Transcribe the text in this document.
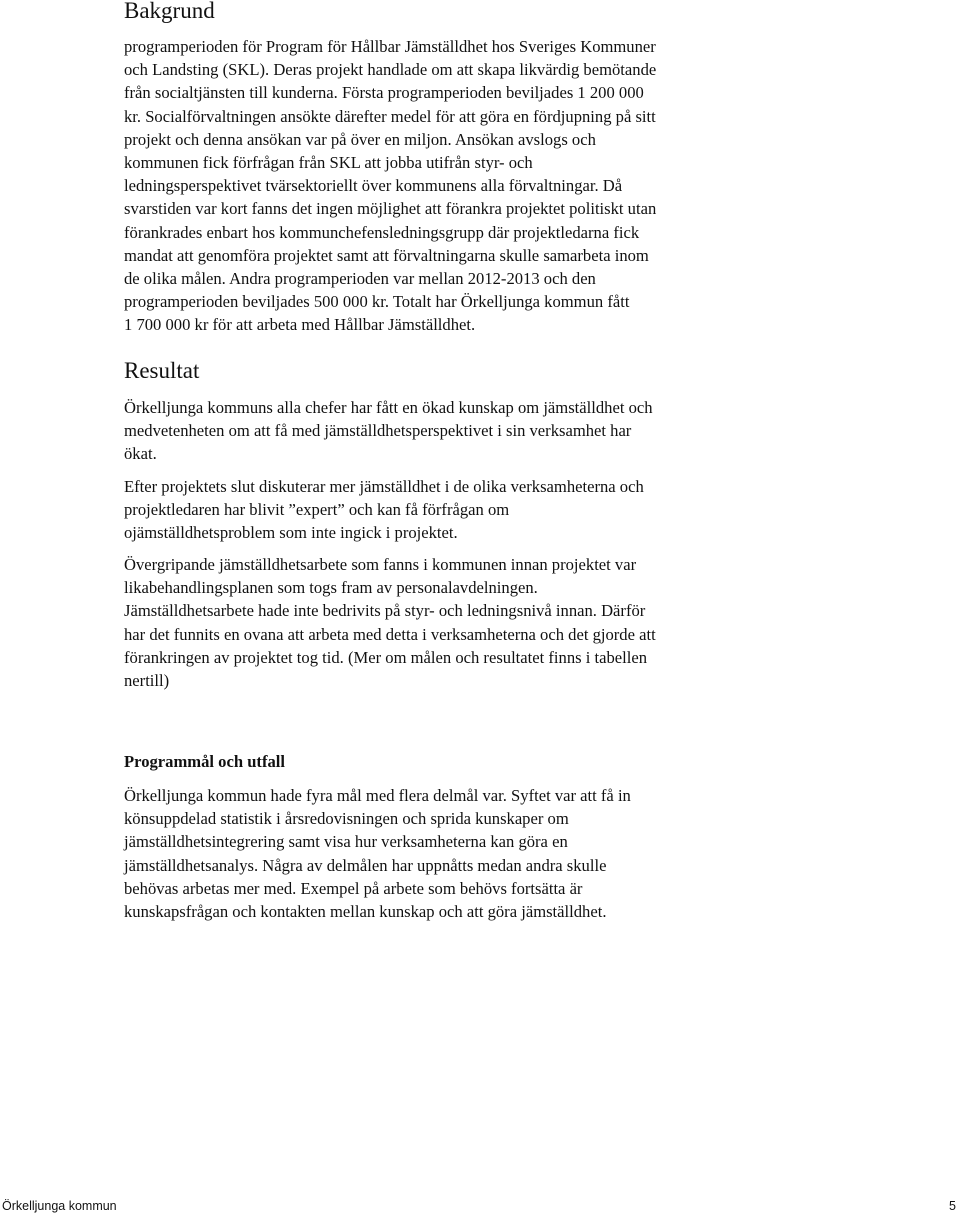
Bakgrund
programperioden för Program för Hållbar Jämställdhet hos Sveriges Kommuner
och Landsting (SKL). Deras projekt handlade om att skapa likvärdig bemötande
från socialtjänsten till kunderna. Första programperioden beviljades 1 200 000
kr. Socialförvaltningen ansökte därefter medel för att göra en fördjupning på sitt
projekt och denna ansökan var på över en miljon. Ansökan avslogs och
kommunen fick förfrågan från SKL att jobba utifrån styr- och
ledningsperspektivet tvärsektoriellt över kommunens alla förvaltningar. Då
svarstiden var kort fanns det ingen möjlighet att förankra projektet politiskt utan
förankrades enbart hos kommunchefensledningsgrupp där projektledarna fick
mandat att genomföra projektet samt att förvaltningarna skulle samarbeta inom
de olika målen. Andra programperioden var mellan 2012-2013 och den
programperioden beviljades 500 000 kr. Totalt har Örkelljunga kommun fått
1 700 000 kr för att arbeta med Hållbar Jämställdhet.
Resultat
Örkelljunga kommuns alla chefer har fått en ökad kunskap om jämställdhet och
medvetenheten om att få med jämställdhetsperspektivet i sin verksamhet har
ökat.
Efter projektets slut diskuterar mer jämställdhet i de olika verksamheterna och
projektledaren har blivit ”expert” och kan få förfrågan om
ojämställdhetsproblem som inte ingick i projektet.
Övergripande jämställdhetsarbete som fanns i kommunen innan projektet var
likabehandlingsplanen som togs fram av personalavdelningen.
Jämställdhetsarbete hade inte bedrivits på styr- och ledningsnivå innan. Därför
har det funnits en ovana att arbeta med detta i verksamheterna och det gjorde att
förankringen av projektet tog tid. (Mer om målen och resultatet finns i tabellen
nertill)
Programmål och utfall
Örkelljunga kommun hade fyra mål med flera delmål var. Syftet var att få in
könsuppdelad statistik i årsredovisningen och sprida kunskaper om
jämställdhetsintegrering samt visa hur verksamheterna kan göra en
jämställdhetsanalys. Några av delmålen har uppnåtts medan andra skulle
behövas arbetas mer med. Exempel på arbete som behövs fortsätta är
kunskapsfrågan och kontakten mellan kunskap och att göra jämställdhet.
Örkelljunga kommun	5
